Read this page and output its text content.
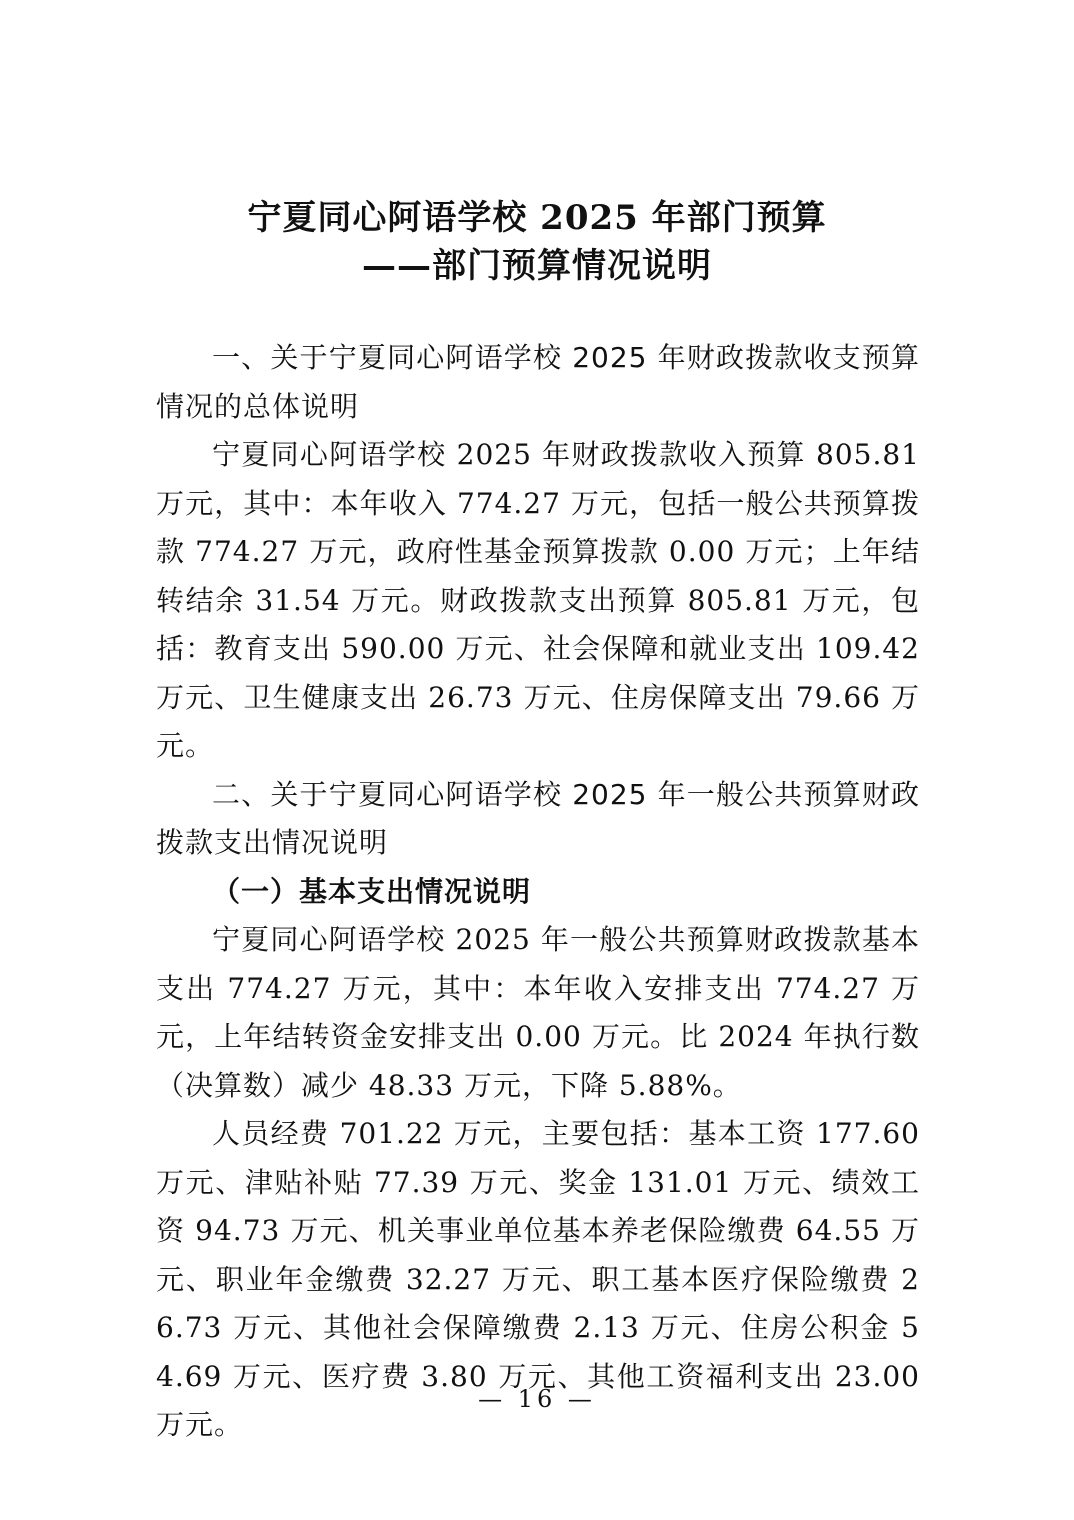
宁夏同心阿语学校 2025 年部门预算
——部门预算情况说明

一、关于宁夏同心阿语学校 2025 年财政拨款收支预算情况的总体说明

宁夏同心阿语学校 2025 年财政拨款收入预算 805.81 万元，其中：本年收入 774.27 万元，包括一般公共预算拨款 774.27 万元，政府性基金预算拨款 0.00 万元；上年结转结余 31.54 万元。财政拨款支出预算 805.81 万元，包括：教育支出 590.00 万元、社会保障和就业支出 109.42 万元、卫生健康支出 26.73 万元、住房保障支出 79.66 万元。

二、关于宁夏同心阿语学校 2025 年一般公共预算财政拨款支出情况说明

（一）基本支出情况说明

宁夏同心阿语学校 2025 年一般公共预算财政拨款基本支出 774.27 万元，其中：本年收入安排支出 774.27 万元，上年结转资金安排支出 0.00 万元。比 2024 年执行数（决算数）减少 48.33 万元，下降 5.88%。

人员经费 701.22 万元，主要包括：基本工资 177.60 万元、津贴补贴 77.39 万元、奖金 131.01 万元、绩效工资 94.73 万元、机关事业单位基本养老保险缴费 64.55 万元、职业年金缴费 32.27 万元、职工基本医疗保险缴费 26.73 万元、其他社会保障缴费 2.13 万元、住房公积金 54.69 万元、医疗费 3.80 万元、其他工资福利支出 23.00 万元。

— 16 —
